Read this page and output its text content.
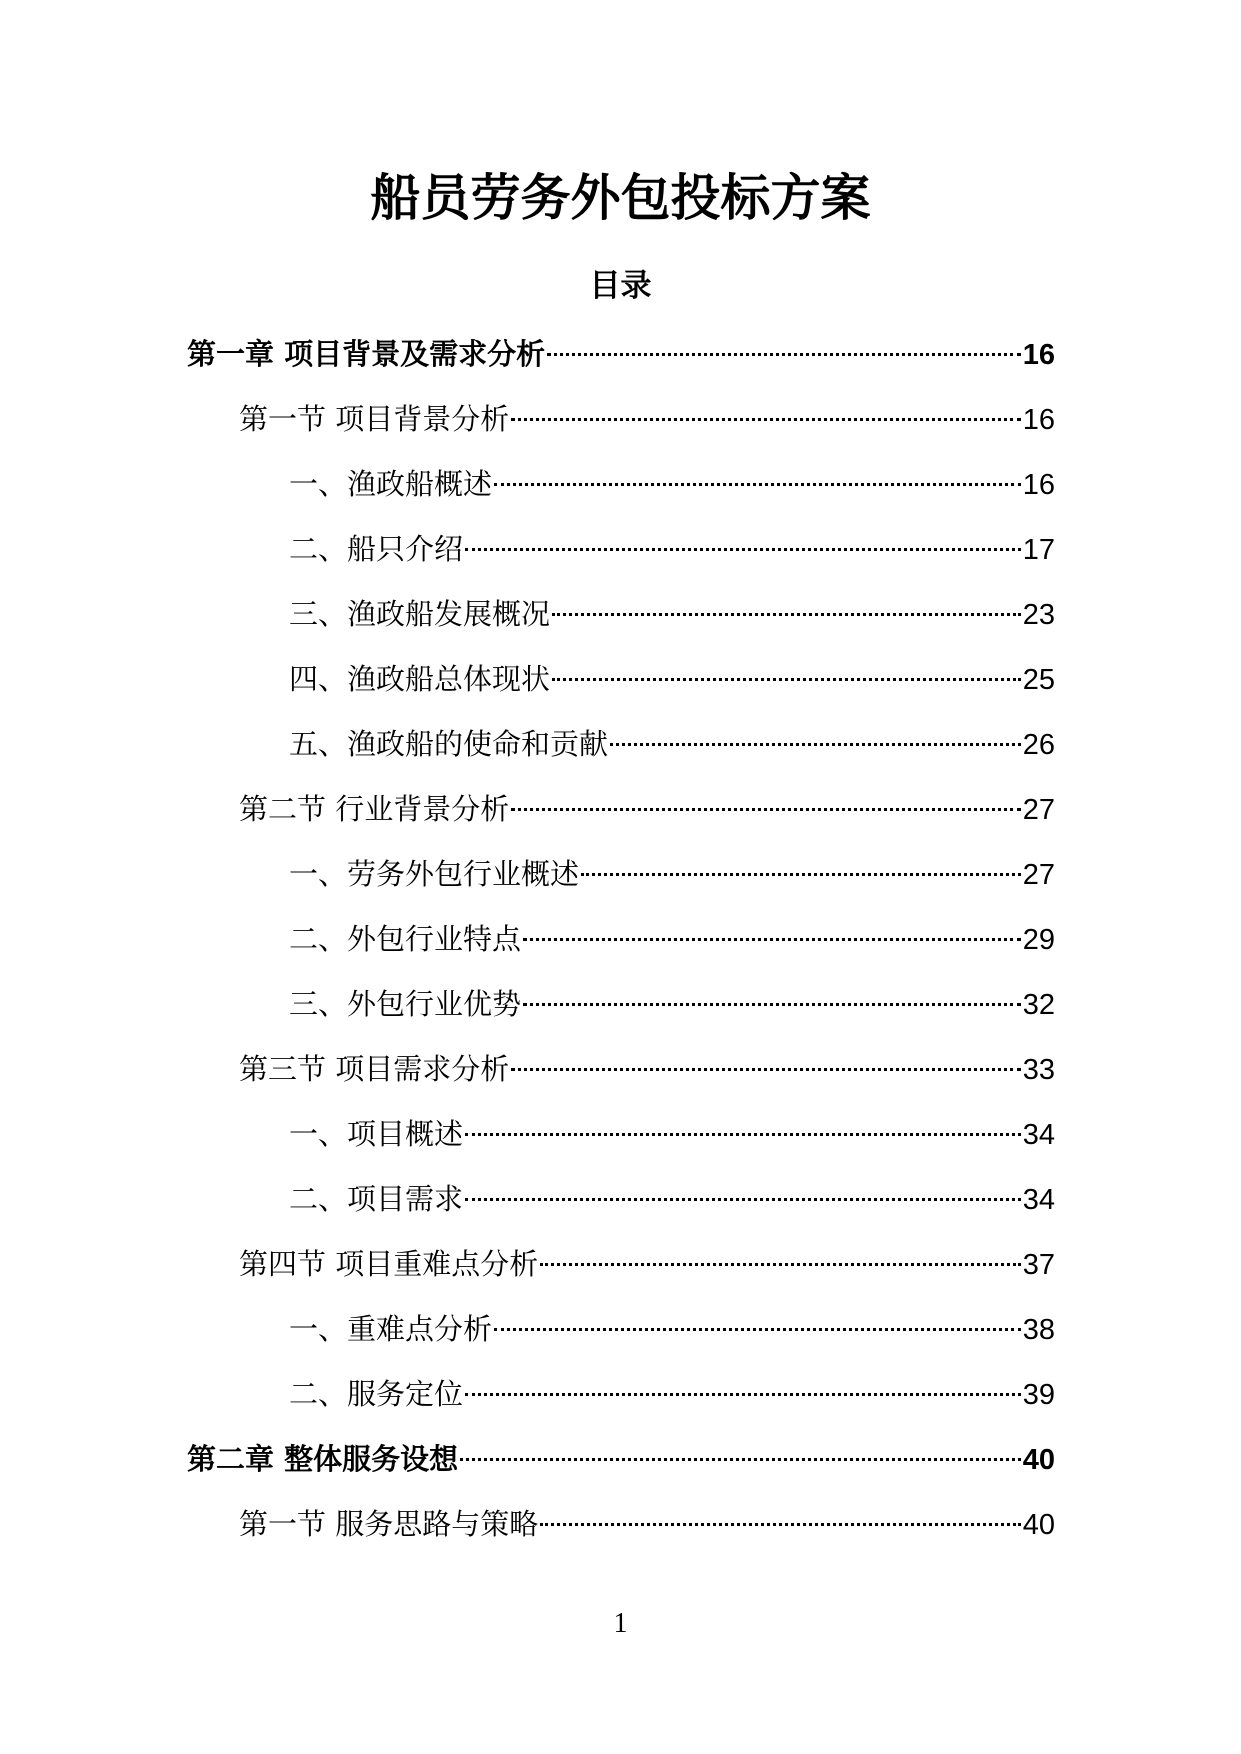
船员劳务外包投标方案
目录
第一章 项目背景及需求分析	16
第一节 项目背景分析	16
一、渔政船概述	16
二、船只介绍	17
三、渔政船发展概况	23
四、渔政船总体现状	25
五、渔政船的使命和贡献	26
第二节 行业背景分析	27
一、劳务外包行业概述	27
二、外包行业特点	29
三、外包行业优势	32
第三节 项目需求分析	33
一、项目概述	34
二、项目需求	34
第四节 项目重难点分析	37
一、重难点分析	38
二、服务定位	39
第二章 整体服务设想	40
第一节 服务思路与策略	40
1
